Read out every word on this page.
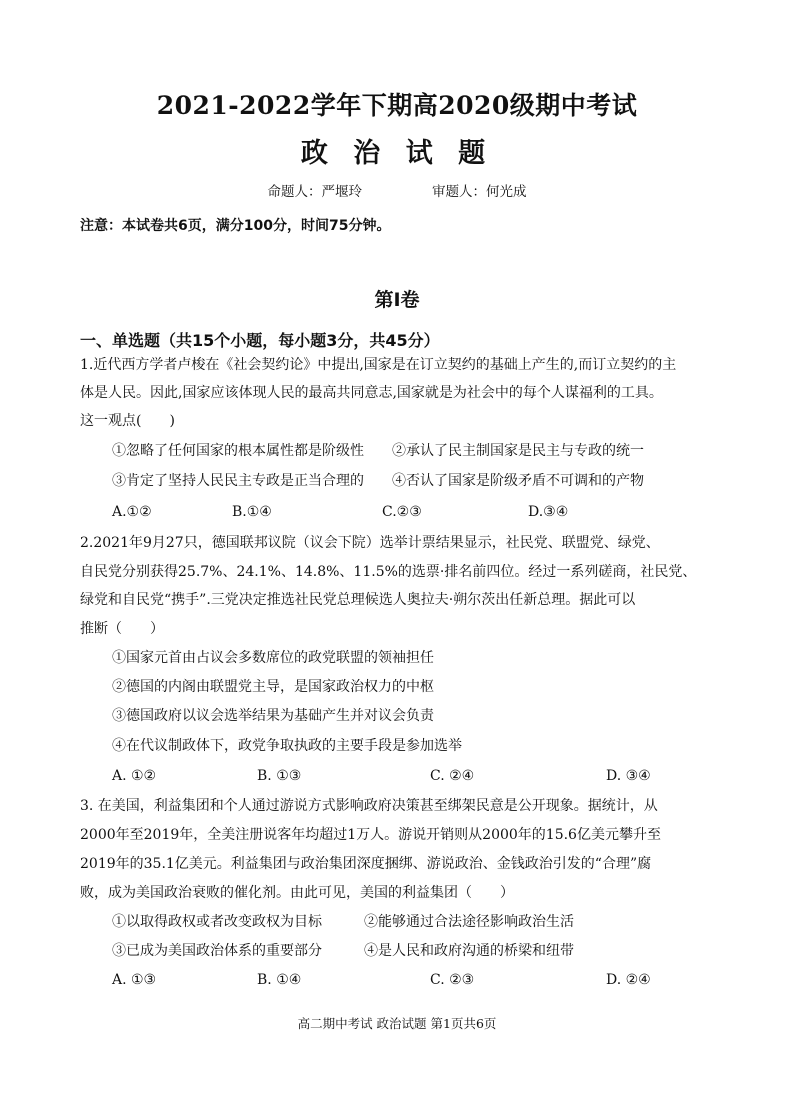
2021-2022学年下期高2020级期中考试
政 治 试 题
命题人：严堰玲	审题人：何光成
注意：本试卷共6页，满分100分，时间75分钟。
第Ⅰ卷
一、单选题（共15个小题，每小题3分，共45分）
1.近代西方学者卢梭在《社会契约论》中提出,国家是在订立契约的基础上产生的,而订立契约的主
体是人民。因此,国家应该体现人民的最高共同意志,国家就是为社会中的每个人谋福利的工具。
这一观点(　　)
①忽略了任何国家的根本属性都是阶级性　　②承认了民主制国家是民主与专政的统一
③肯定了坚持人民民主专政是正当合理的　　④否认了国家是阶级矛盾不可调和的产物
A.①②	B.①④	C.②③	D.③④
2.2021年9月27只，德国联邦议院（议会下院）选举计票结果显示，社民党、联盟党、绿党、
自民党分别获得25.7%、24.1%、14.8%、11.5%的选票·排名前四位。经过一系列磋商，社民党、
绿党和自民党“携手”.三党决定推选社民党总理候选人奥拉夫·朔尔茨出任新总理。据此可以
推断（　　）
①国家元首由占议会多数席位的政党联盟的领袖担任
②德国的内阁由联盟党主导，是国家政治权力的中枢
③德国政府以议会选举结果为基础产生并对议会负责
④在代议制政体下，政党争取执政的主要手段是参加选举
A. ①②	B. ①③	C. ②④	D. ③④
3. 在美国，利益集团和个人通过游说方式影响政府决策甚至绑架民意是公开现象。据统计，从
2000年至2019年，全美注册说客年均超过1万人。游说开销则从2000年的15.6亿美元攀升至
2019年的35.1亿美元。利益集团与政治集团深度捆绑、游说政治、金钱政治引发的“合理”腐
败，成为美国政治衰败的催化剂。由此可见，美国的利益集团（　　）
①以取得政权或者改变政权为目标　　　②能够通过合法途径影响政治生活
③已成为美国政治体系的重要部分　　　④是人民和政府沟通的桥梁和纽带
A. ①③	B. ①④	C. ②③	D. ②④
高二期中考试 政治试题 第1页共6页
